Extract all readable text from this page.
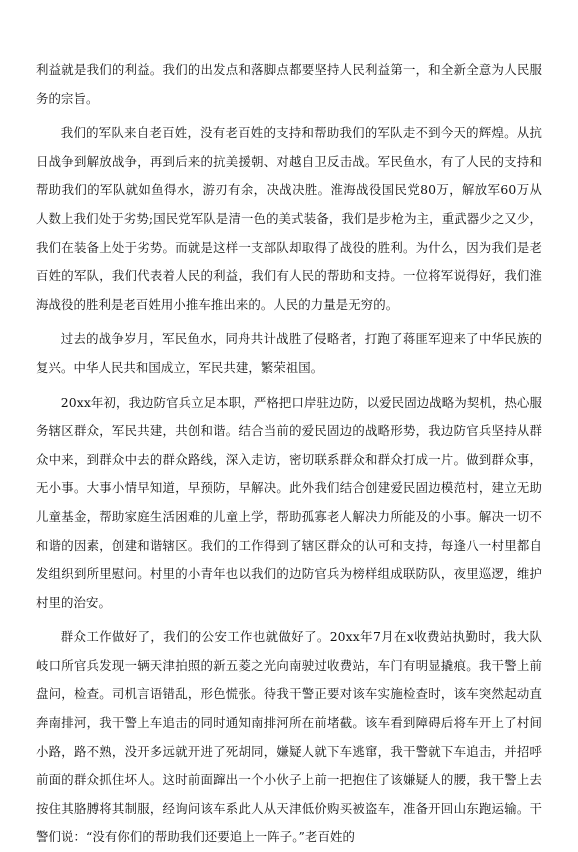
利益就是我们的利益。我们的出发点和落脚点都要坚持人民利益第一，和全新全意为人民服务的宗旨。

我们的军队来自老百姓，没有老百姓的支持和帮助我们的军队走不到今天的辉煌。从抗日战争到解放战争，再到后来的抗美援朝、对越自卫反击战。军民鱼水，有了人民的支持和帮助我们的军队就如鱼得水，游刃有余，决战决胜。淮海战役国民党80万，解放军60万从人数上我们处于劣势;国民党军队是清一色的美式装备，我们是步枪为主，重武器少之又少，我们在装备上处于劣势。而就是这样一支部队却取得了战役的胜利。为什么，因为我们是老百姓的军队，我们代表着人民的利益，我们有人民的帮助和支持。一位将军说得好，我们淮海战役的胜利是老百姓用小推车推出来的。人民的力量是无穷的。

过去的战争岁月，军民鱼水，同舟共计战胜了侵略者，打跑了蒋匪军迎来了中华民族的复兴。中华人民共和国成立，军民共建，繁荣祖国。

20xx年初，我边防官兵立足本职，严格把口岸驻边防，以爱民固边战略为契机，热心服务辖区群众，军民共建，共创和谐。结合当前的爱民固边的战略形势，我边防官兵坚持从群众中来，到群众中去的群众路线，深入走访，密切联系群众和群众打成一片。做到群众事，无小事。大事小情早知道，早预防，早解决。此外我们结合创建爱民固边模范村，建立无助儿童基金，帮助家庭生活困难的儿童上学，帮助孤寡老人解决力所能及的小事。解决一切不和谐的因素，创建和谐辖区。我们的工作得到了辖区群众的认可和支持，每逢八一村里都自发组织到所里慰问。村里的小青年也以我们的边防官兵为榜样组成联防队，夜里巡逻，维护村里的治安。

群众工作做好了，我们的公安工作也就做好了。20xx年7月在x收费站执勤时，我大队岐口所官兵发现一辆天津拍照的新五菱之光向南驶过收费站，车门有明显撬痕。我干警上前盘问，检查。司机言语错乱，形色慌张。待我干警正要对该车实施检查时，该车突然起动直奔南排河，我干警上车追击的同时通知南排河所在前堵截。该车看到障碍后将车开上了村间小路，路不熟，没开多远就开进了死胡同，嫌疑人就下车逃窜，我干警就下车追击，并招呼前面的群众抓住坏人。这时前面蹿出一个小伙子上前一把抱住了该嫌疑人的腰，我干警上去按住其胳膊将其制服，经询问该车系此人从天津低价购买被盗车，准备开回山东跑运输。干警们说：“没有你们的帮助我们还要追上一阵子。”老百姓的
